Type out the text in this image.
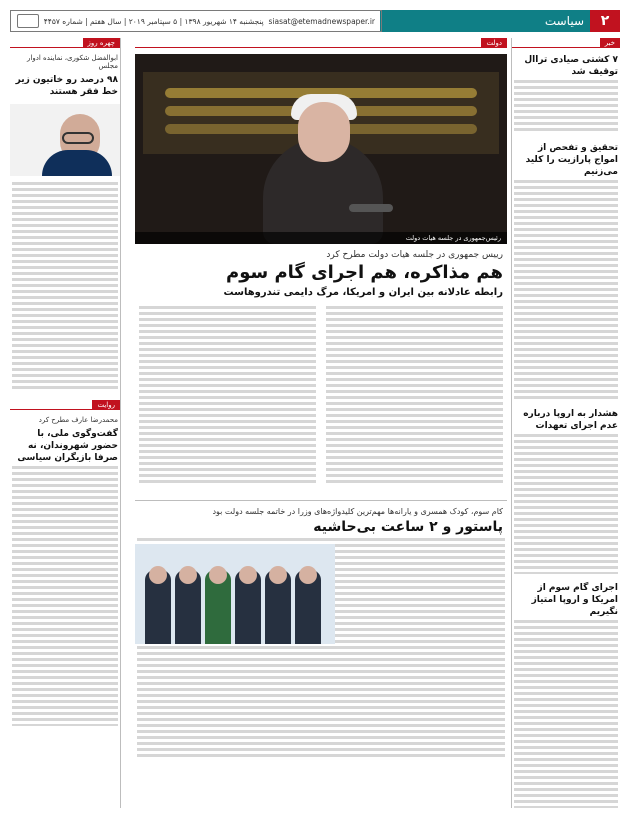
۲
سیاست
پنجشنبه ۱۴ شهریور ۱۳۹۸ | ۵ سپتامبر ۲۰۱۹ | سال هفتم | شماره ۴۴۵۷ siasat@etemadnewspaper.ir
خبر
۷ کشتی صیادی تراال توقیف شد
تحقیق و تفحص از امواج پارازیت را کلید می‌زنیم
هشدار به اروپا درباره عدم اجرای تعهدات
اجرای گام سوم از امریکا و اروپا امتیاز نگیریم
دولت
رئیس‌جمهوری در جلسه هیات دولت
رییس جمهوری در جلسه هیات دولت مطرح کرد
هم مذاکره، هم اجرای گام سوم
رابطه عادلانه بین ایران و امریکا، مرگ دایمی تندروهاست
کام سوم، کودک همسری و یارانه‌ها مهم‌ترین کلیدواژه‌های وزرا در خاتمه جلسه دولت بود
پاستور و ۲ ساعت بی‌حاشیه
چهره روز
ابوالفضل شکوری، نماینده ادوار مجلس
۹۸ درصد رو خاتیون زیر خط فقر هستند
روایت
محمدرضا عارف مطرح کرد
گفت‌وگوی ملی، با حضور شهروندان، نه صرفا بازیگران سیاسی
